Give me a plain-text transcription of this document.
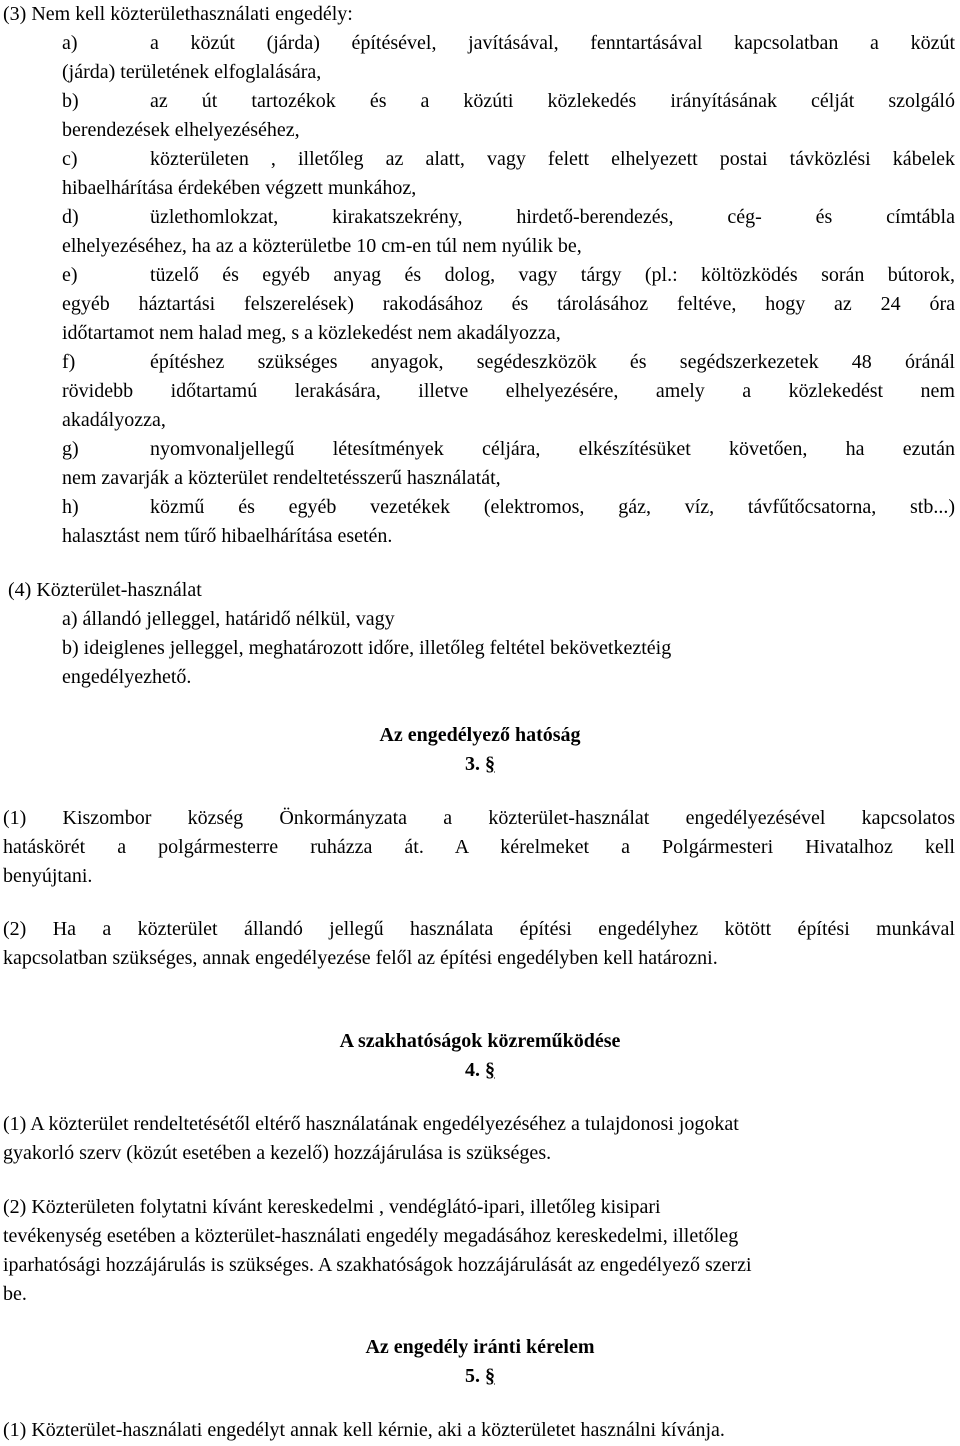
(3) Nem kell közterülethasználati engedély:
a)	a közút (járda) építésével, javításával, fenntartásával kapcsolatban a közút
(járda) területének elfoglalására,
b)	az út tartozékok és a közúti közlekedés irányításának célját szolgáló
berendezések elhelyezéséhez,
c)	közterületen , illetőleg az alatt, vagy felett elhelyezett postai távközlési kábelek
hibaelhárítása érdekében végzett munkához,
d)	üzlethomlokzat, kirakatszekrény, hirdető-berendezés, cég- és címtábla
elhelyezéséhez, ha az a közterületbe 10 cm-en túl nem nyúlik be,
e)	tüzelő és egyéb anyag és dolog, vagy tárgy (pl.: költözködés során bútorok,
egyéb háztartási felszerelések) rakodásához és tárolásához feltéve, hogy az 24 óra
időtartamot nem halad meg, s a közlekedést nem akadályozza,
f)	építéshez szükséges anyagok, segédeszközök és segédszerkezetek 48 óránál
rövidebb időtartamú lerakására, illetve elhelyezésére, amely a közlekedést nem
akadályozza,
g)	nyomvonaljellegű létesítmények céljára, elkészítésüket követően, ha ezután
nem zavarják a közterület rendeltetésszerű használatát,
h)	közmű és egyéb vezetékek (elektromos, gáz, víz, távfűtőcsatorna, stb...)
halasztást nem tűrő hibaelhárítása esetén.
(4) Közterület-használat
a) állandó jelleggel, határidő nélkül, vagy
b) ideiglenes jelleggel, meghatározott időre, illetőleg feltétel bekövetkeztéig
engedélyezhető.
Az engedélyező hatóság
3. §
(1) Kiszombor község Önkormányzata a közterület-használat engedélyezésével kapcsolatos
hatáskörét a polgármesterre ruházza át. A kérelmeket a Polgármesteri Hivatalhoz kell
benyújtani.
(2) Ha a közterület állandó jellegű használata építési engedélyhez kötött építési munkával
kapcsolatban szükséges, annak engedélyezése felől az építési engedélyben kell határozni.
A szakhatóságok közreműködése
4. §
(1) A közterület rendeltetésétől eltérő használatának engedélyezéséhez a tulajdonosi jogokat
gyakorló szerv (közút esetében a kezelő) hozzájárulása is szükséges.
(2) Közterületen folytatni kívánt kereskedelmi , vendéglátó-ipari, illetőleg kisipari
tevékenység esetében a közterület-használati engedély megadásához kereskedelmi, illetőleg
iparhatósági hozzájárulás is szükséges. A szakhatóságok hozzájárulását az engedélyező szerzi
be.
Az engedély iránti kérelem
5. §
(1) Közterület-használati engedélyt annak kell kérnie, aki a közterületet használni kívánja.
